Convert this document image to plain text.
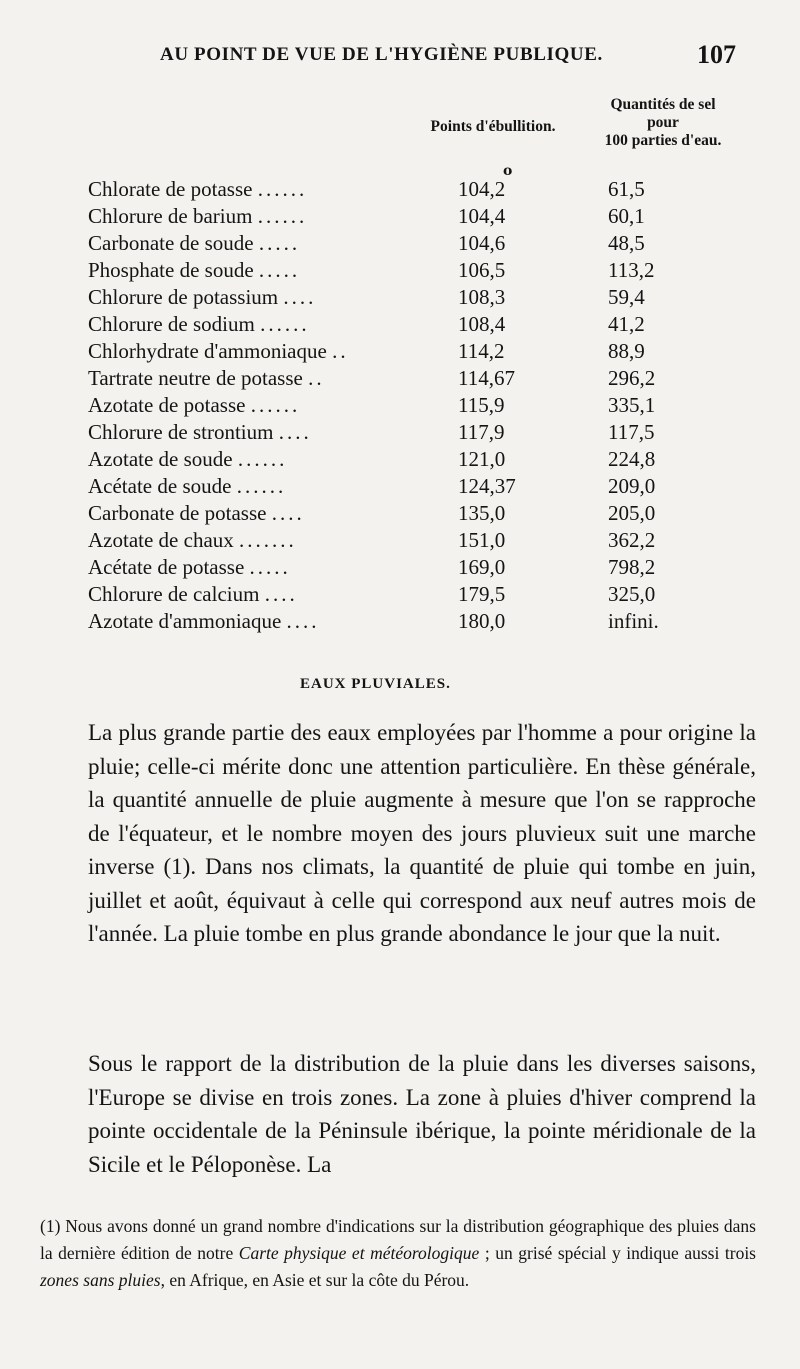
AU POINT DE VUE DE L'HYGIÈNE PUBLIQUE.	107
Points d'ébullition.
Quantités de sel
pour
100 parties d'eau.
o
Chlorate de potasse ......	104,2	61,5
Chlorure de barium ......	104,4	60,1
Carbonate de soude .....	104,6	48,5
Phosphate de soude .....	106,5	113,2
Chlorure de potassium ....	108,3	59,4
Chlorure de sodium ......	108,4	41,2
Chlorhydrate d'ammoniaque ..	114,2	88,9
Tartrate neutre de potasse ..	114,67	296,2
Azotate de potasse ......	115,9	335,1
Chlorure de strontium ....	117,9	117,5
Azotate de soude ......	121,0	224,8
Acétate de soude ......	124,37	209,0
Carbonate de potasse ....	135,0	205,0
Azotate de chaux .......	151,0	362,2
Acétate de potasse .....	169,0	798,2
Chlorure de calcium ....	179,5	325,0
Azotate d'ammoniaque ....	180,0	infini.
EAUX PLUVIALES.
La plus grande partie des eaux employées par l'homme a pour origine la pluie; celle-ci mérite donc une attention particulière. En thèse générale, la quantité annuelle de pluie augmente à mesure que l'on se rapproche de l'équateur, et le nombre moyen des jours pluvieux suit une marche inverse (1). Dans nos climats, la quantité de pluie qui tombe en juin, juillet et août, équivaut à celle qui correspond aux neuf autres mois de l'année. La pluie tombe en plus grande abondance le jour que la nuit.
Sous le rapport de la distribution de la pluie dans les diverses saisons, l'Europe se divise en trois zones. La zone à pluies d'hiver comprend la pointe occidentale de la Péninsule ibérique, la pointe méridionale de la Sicile et le Péloponèse. La
(1) Nous avons donné un grand nombre d'indications sur la distribution géographique des pluies dans la dernière édition de notre Carte physique et météorologique ; un grisé spécial y indique aussi trois zones sans pluies, en Afrique, en Asie et sur la côte du Pérou.
